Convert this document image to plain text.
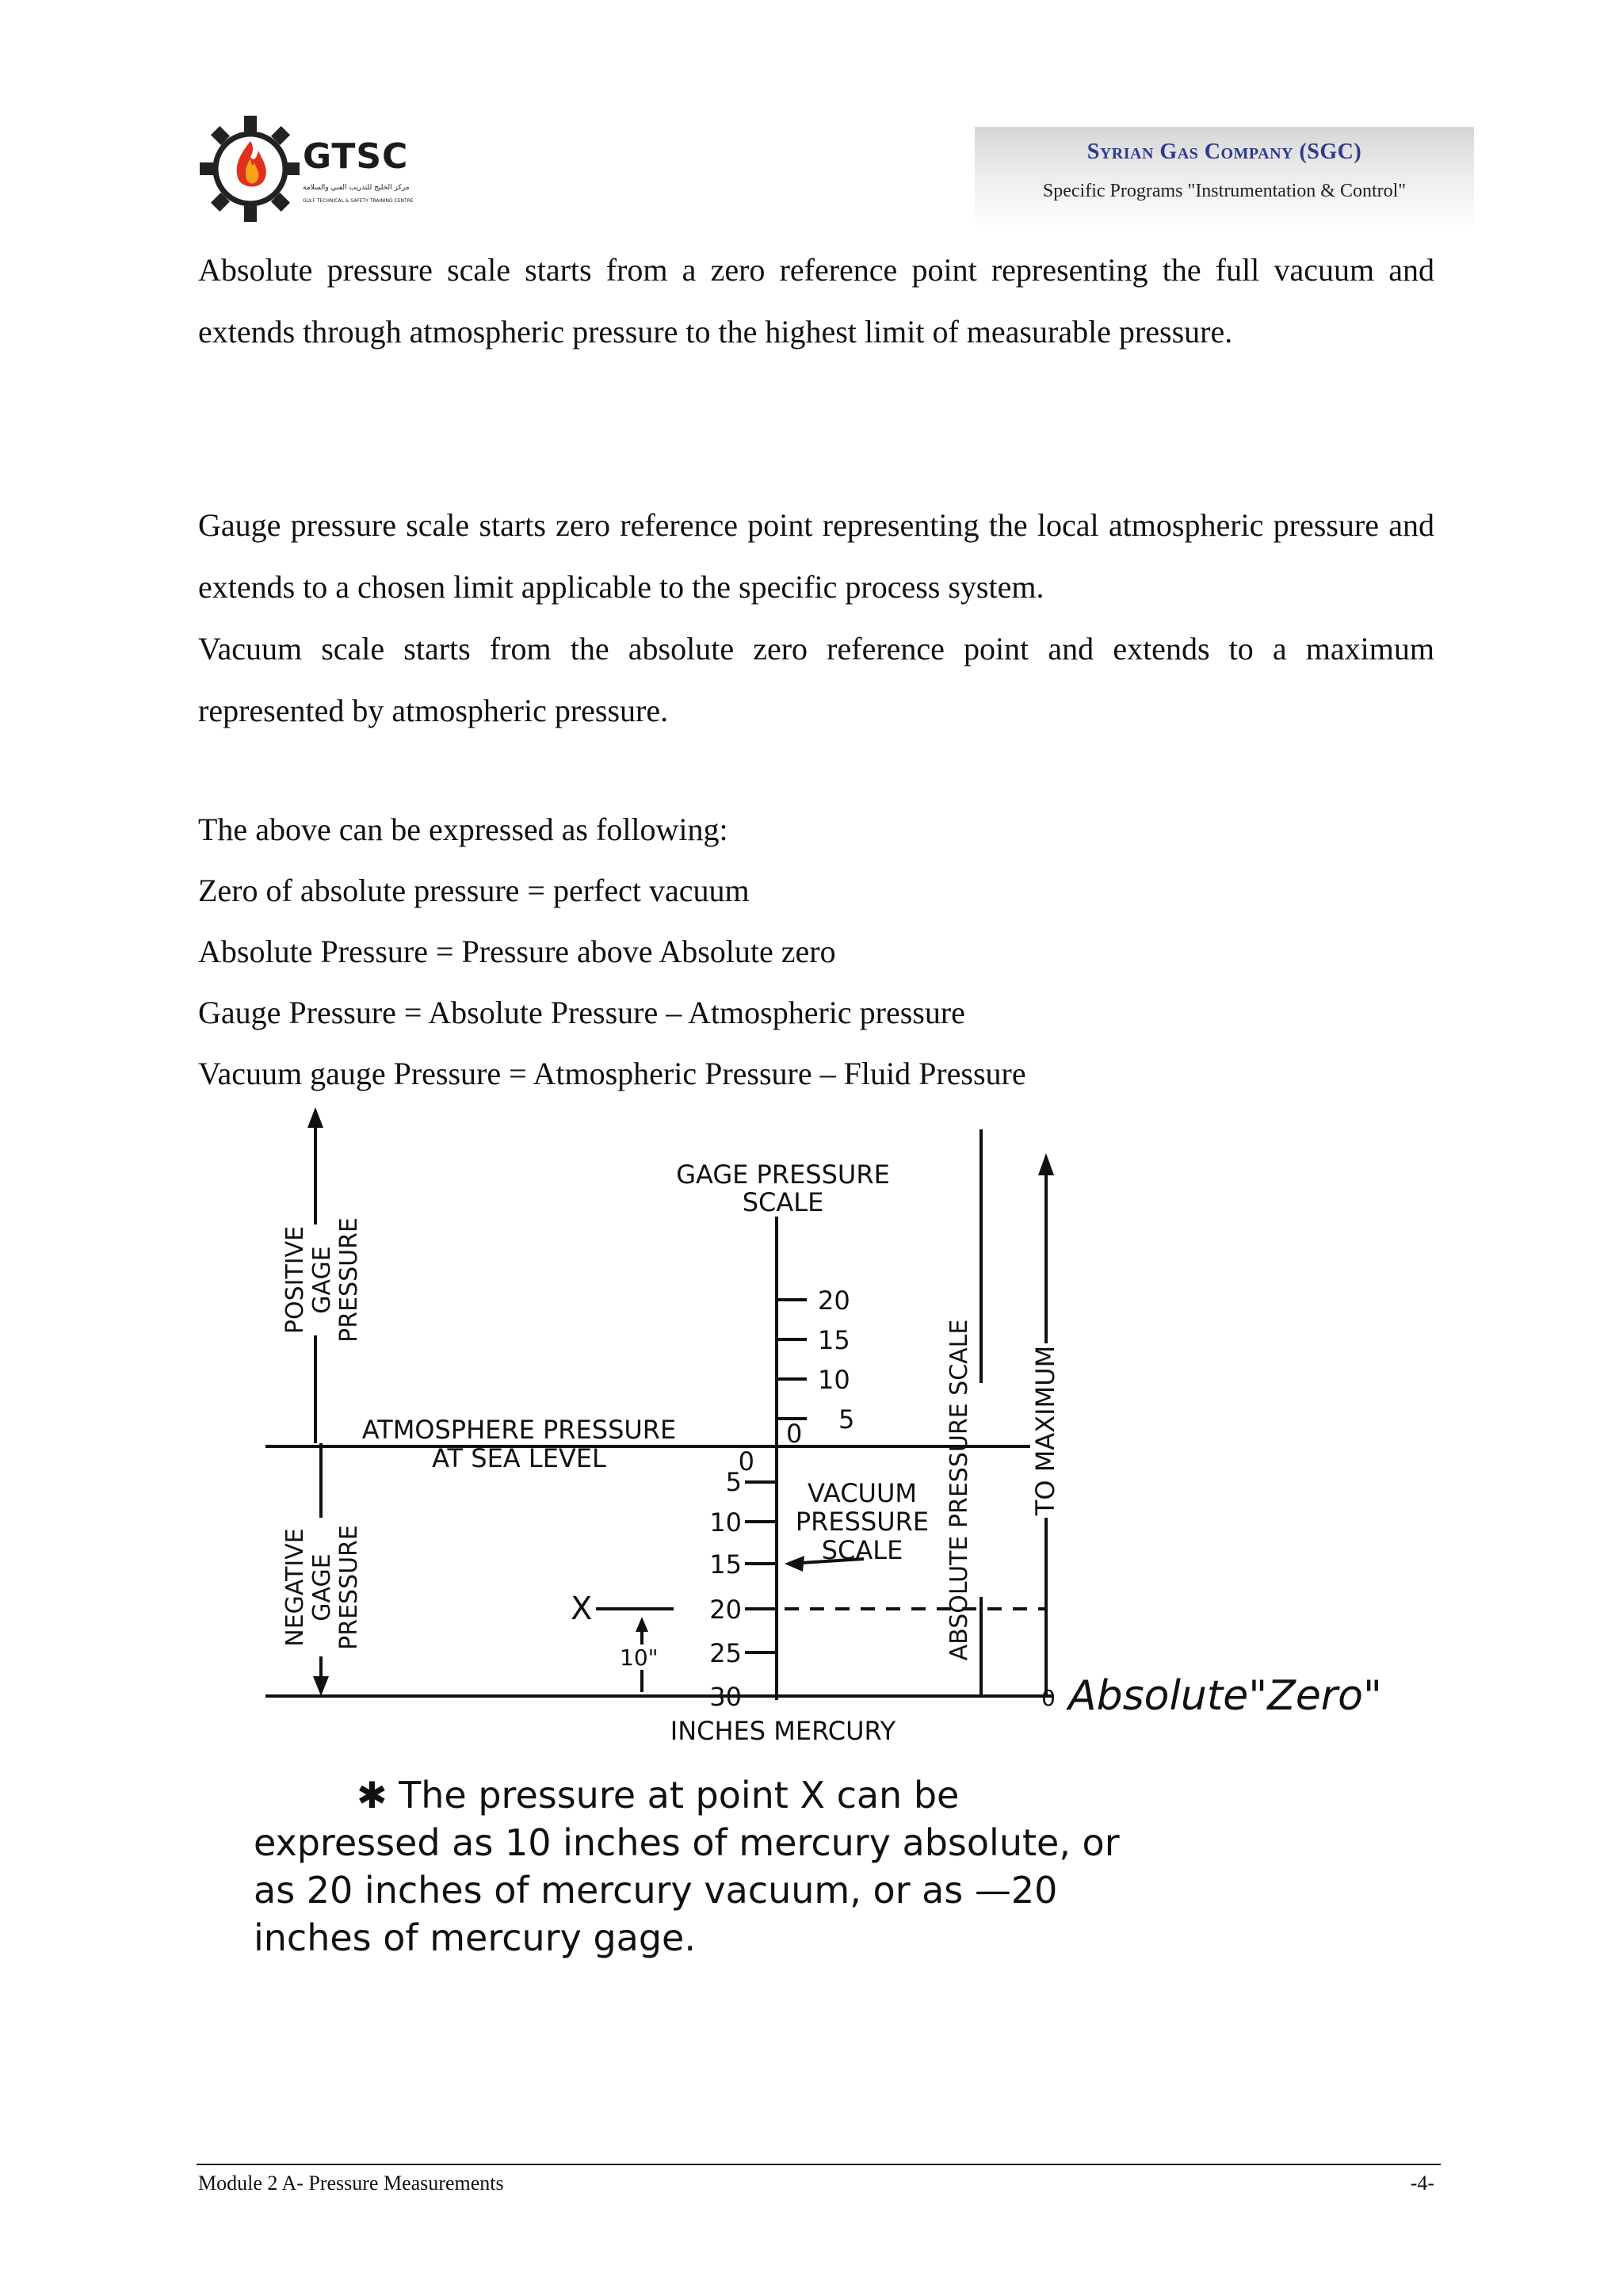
GTSC
مركز الخليج للتدريب الفني والسلامة
GULF TECHNICAL & SAFETY TRAINING CENTRE
Syrian Gas Company (SGC)
Specific Programs "Instrumentation & Control"

Absolute pressure scale starts from a zero reference point representing the full vacuum and extends through atmospheric pressure to the highest limit of measurable pressure.

Gauge pressure scale starts zero reference point representing the local atmospheric pressure and extends to a chosen limit applicable to the specific process system.

Vacuum scale starts from the absolute zero reference point and extends to a maximum represented by atmospheric pressure.

The above can be expressed as following:

Zero of absolute pressure = perfect vacuum

Absolute Pressure = Pressure above Absolute zero

Gauge Pressure = Absolute Pressure – Atmospheric pressure

Vacuum gauge Pressure = Atmospheric Pressure – Fluid Pressure

GAGE PRESSURE
SCALE
20
15
10
5
0
0
5
10
15
20
25
30
ATMOSPHERE PRESSURE
AT SEA LEVEL
VACUUM
PRESSURE
SCALE
POSITIVE GAGE PRESSURE
NEGATIVE GAGE PRESSURE	ABSOLUTE PRESSURE SCALE TO MAXIMUM
X
10"
0 Absolute"Zero"
INCHES MERCURY
✱ The pressure at point X can be expressed as 10 inches of mercury absolute, or as 20 inches of mercury vacuum, or as —20 inches of mercury gage.
Module 2 A- Pressure Measurements	-4-
